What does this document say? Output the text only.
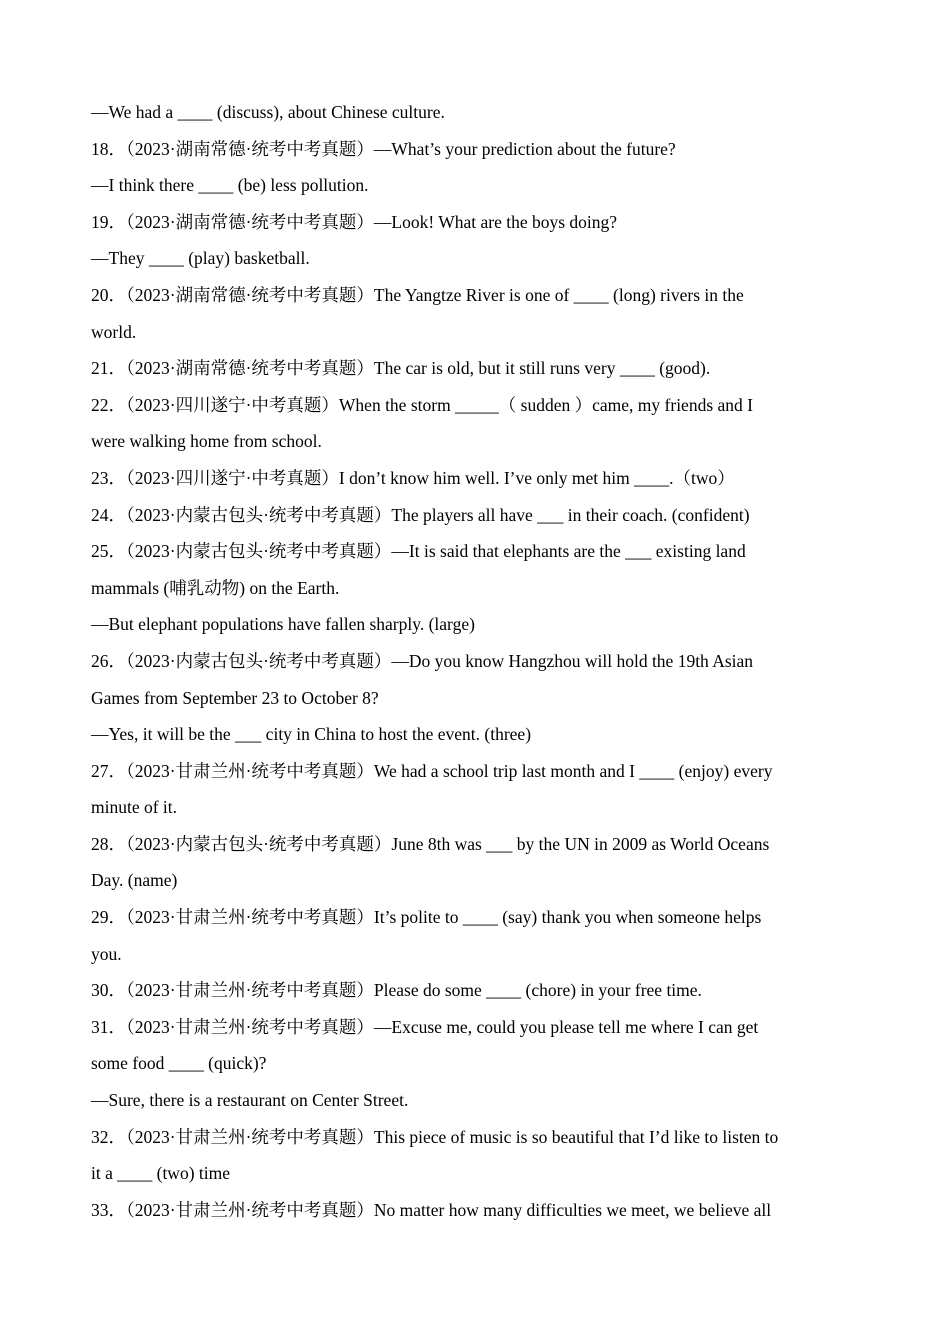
—We had a ____ (discuss), about Chinese culture.
18．（2023·湖南常德·统考中考真题）—What’s your prediction about the future?
—I think there ____ (be) less pollution.
19．（2023·湖南常德·统考中考真题）—Look! What are the boys doing?
—They ____ (play) basketball.
20．（2023·湖南常德·统考中考真题）The Yangtze River is one of ____ (long) rivers in the
world.
21．（2023·湖南常德·统考中考真题）The car is old, but it still runs very ____ (good).
22．（2023·四川遂宁·中考真题）When the storm _____（ sudden ）came, my friends and I
were walking home from school.
23．（2023·四川遂宁·中考真题）I don’t know him well. I’ve only met him ____.（two）
24．（2023·内蒙古包头·统考中考真题）The players all have ___ in their coach. (confident)
25．（2023·内蒙古包头·统考中考真题）—It is said that elephants are the ___ existing land
mammals (哺乳动物) on the Earth.
—But elephant populations have fallen sharply. (large)
26．（2023·内蒙古包头·统考中考真题）—Do you know Hangzhou will hold the 19th Asian
Games from September 23 to October 8?
—Yes, it will be the ___ city in China to host the event. (three)
27．（2023·甘肃兰州·统考中考真题）We had a school trip last month and I ____ (enjoy) every
minute of it.
28．（2023·内蒙古包头·统考中考真题）June 8th was ___ by the UN in 2009 as World Oceans
Day. (name)
29．（2023·甘肃兰州·统考中考真题）It’s polite to ____ (say) thank you when someone helps
you.
30．（2023·甘肃兰州·统考中考真题）Please do some ____ (chore) in your free time.
31．（2023·甘肃兰州·统考中考真题）—Excuse me, could you please tell me where I can get
some food ____ (quick)?
—Sure, there is a restaurant on Center Street.
32．（2023·甘肃兰州·统考中考真题）This piece of music is so beautiful that I’d like to listen to
it a ____ (two) time
33．（2023·甘肃兰州·统考中考真题）No matter how many difficulties we meet, we believe all
